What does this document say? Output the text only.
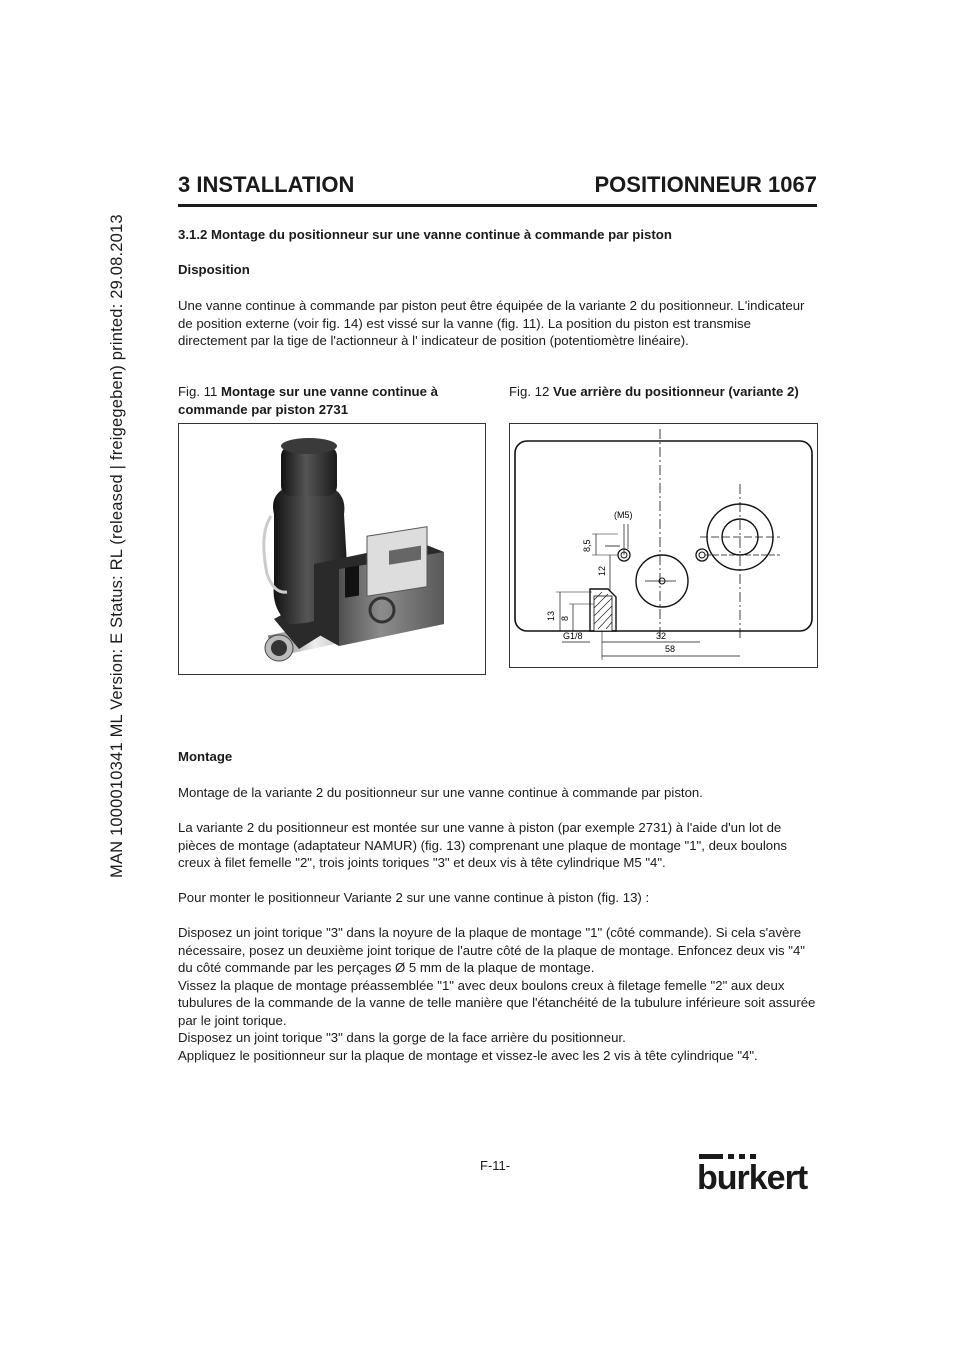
MAN 1000010341 ML Version: E Status: RL (released | freigegeben) printed: 29.08.2013
3 INSTALLATION	POSITIONNEUR 1067
3.1.2 Montage du positionneur sur une vanne continue à commande par piston
Disposition
Une vanne continue à commande par piston peut être équipée de la variante 2 du positionneur. L'indicateur de position externe (voir fig. 14) est vissé sur la vanne (fig. 11). La position du piston est transmise directement par la tige de l'actionneur à l' indicateur de position (potentiomètre linéaire).
Fig. 11 Montage sur une vanne continue à commande par piston 2731
Fig. 12 Vue arrière du positionneur (variante 2)
(M5)
8,5
12
13 8
G1/8	32
58
Montage
Montage de la variante 2 du positionneur sur une vanne continue à commande par piston.
La variante 2 du positionneur est montée sur une vanne à piston (par exemple 2731) à l'aide d'un lot de pièces de montage (adaptateur NAMUR) (fig. 13) comprenant une plaque de montage "1", deux boulons creux à filet femelle "2", trois joints toriques "3" et deux vis à tête cylindrique M5 "4".
Pour monter le positionneur Variante 2 sur une vanne continue à piston (fig. 13) :
Disposez un joint torique "3" dans la noyure de la plaque de montage "1" (côté commande). Si cela s'avère nécessaire, posez un deuxième joint torique de l'autre côté de la plaque de montage. Enfoncez deux vis "4" du côté commande par les perçages Ø 5 mm de la plaque de montage.
Vissez la plaque de montage préassemblée "1" avec deux boulons creux à filetage femelle "2" aux deux tubulures de la commande de la vanne de telle manière que l'étanchéité de la tubulure inférieure soit assurée par le joint torique.
Disposez un joint torique "3" dans la gorge de la face arrière du positionneur.
Appliquez le positionneur sur la plaque de montage et vissez-le avec les 2 vis à tête cylindrique "4".
F-11-	burkert
